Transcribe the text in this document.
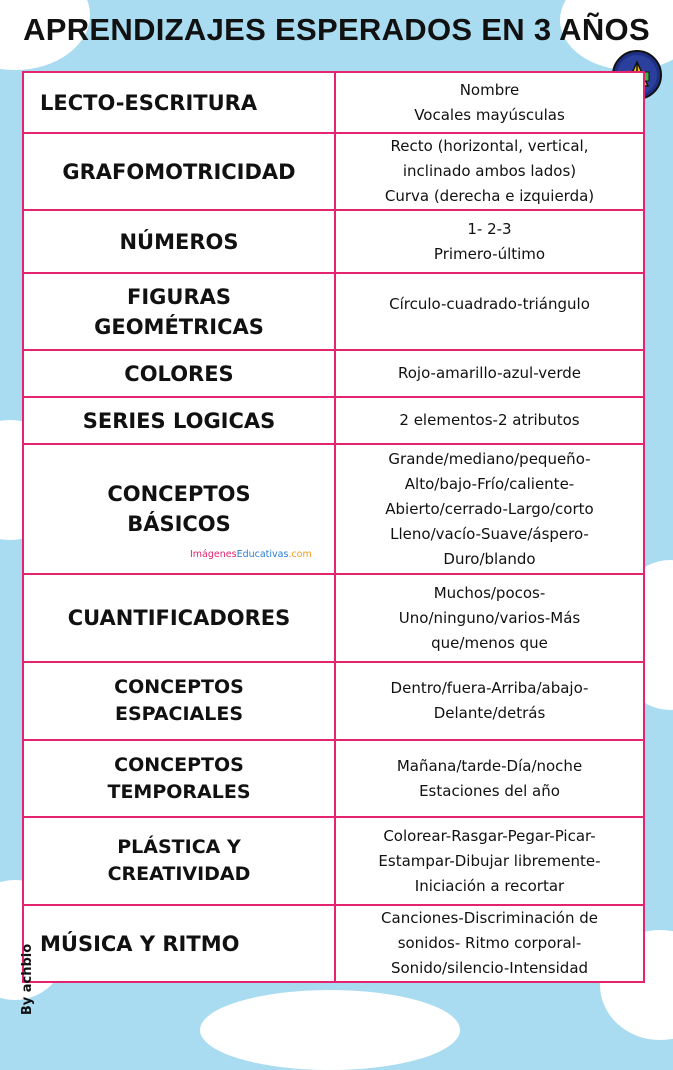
APRENDIZAJES ESPERADOS EN 3 AÑOS
LECTO-ESCRITURA	Nombre
Vocales mayúsculas

GRAFOMOTRICIDAD	Recto (horizontal, vertical,
inclinado ambos lados)
Curva (derecha e izquierda)

NÚMEROS	1- 2-3
Primero-último

FIGURAS
GEOMÉTRICAS	Círculo-cuadrado-triángulo

COLORES	Rojo-amarillo-azul-verde

SERIES LOGICAS	2 elementos-2 atributos

CONCEPTOS
BÁSICOS	Grande/mediano/pequeño-
Alto/bajo-Frío/caliente-
Abierto/cerrado-Largo/corto
Lleno/vacío-Suave/áspero-
Duro/blando

CUANTIFICADORES	Muchos/pocos-
Uno/ninguno/varios-Más
que/menos que

CONCEPTOS
ESPACIALES	Dentro/fuera-Arriba/abajo-
Delante/detrás

CONCEPTOS
TEMPORALES	Mañana/tarde-Día/noche
Estaciones del año

PLÁSTICA Y
CREATIVIDAD	Colorear-Rasgar-Pegar-Picar-
Estampar-Dibujar libremente-
Iniciación a recortar

MÚSICA Y RITMO	Canciones-Discriminación de
sonidos- Ritmo corporal-
Sonido/silencio-Intensidad
ImágenesEducativas.com
By achbio
